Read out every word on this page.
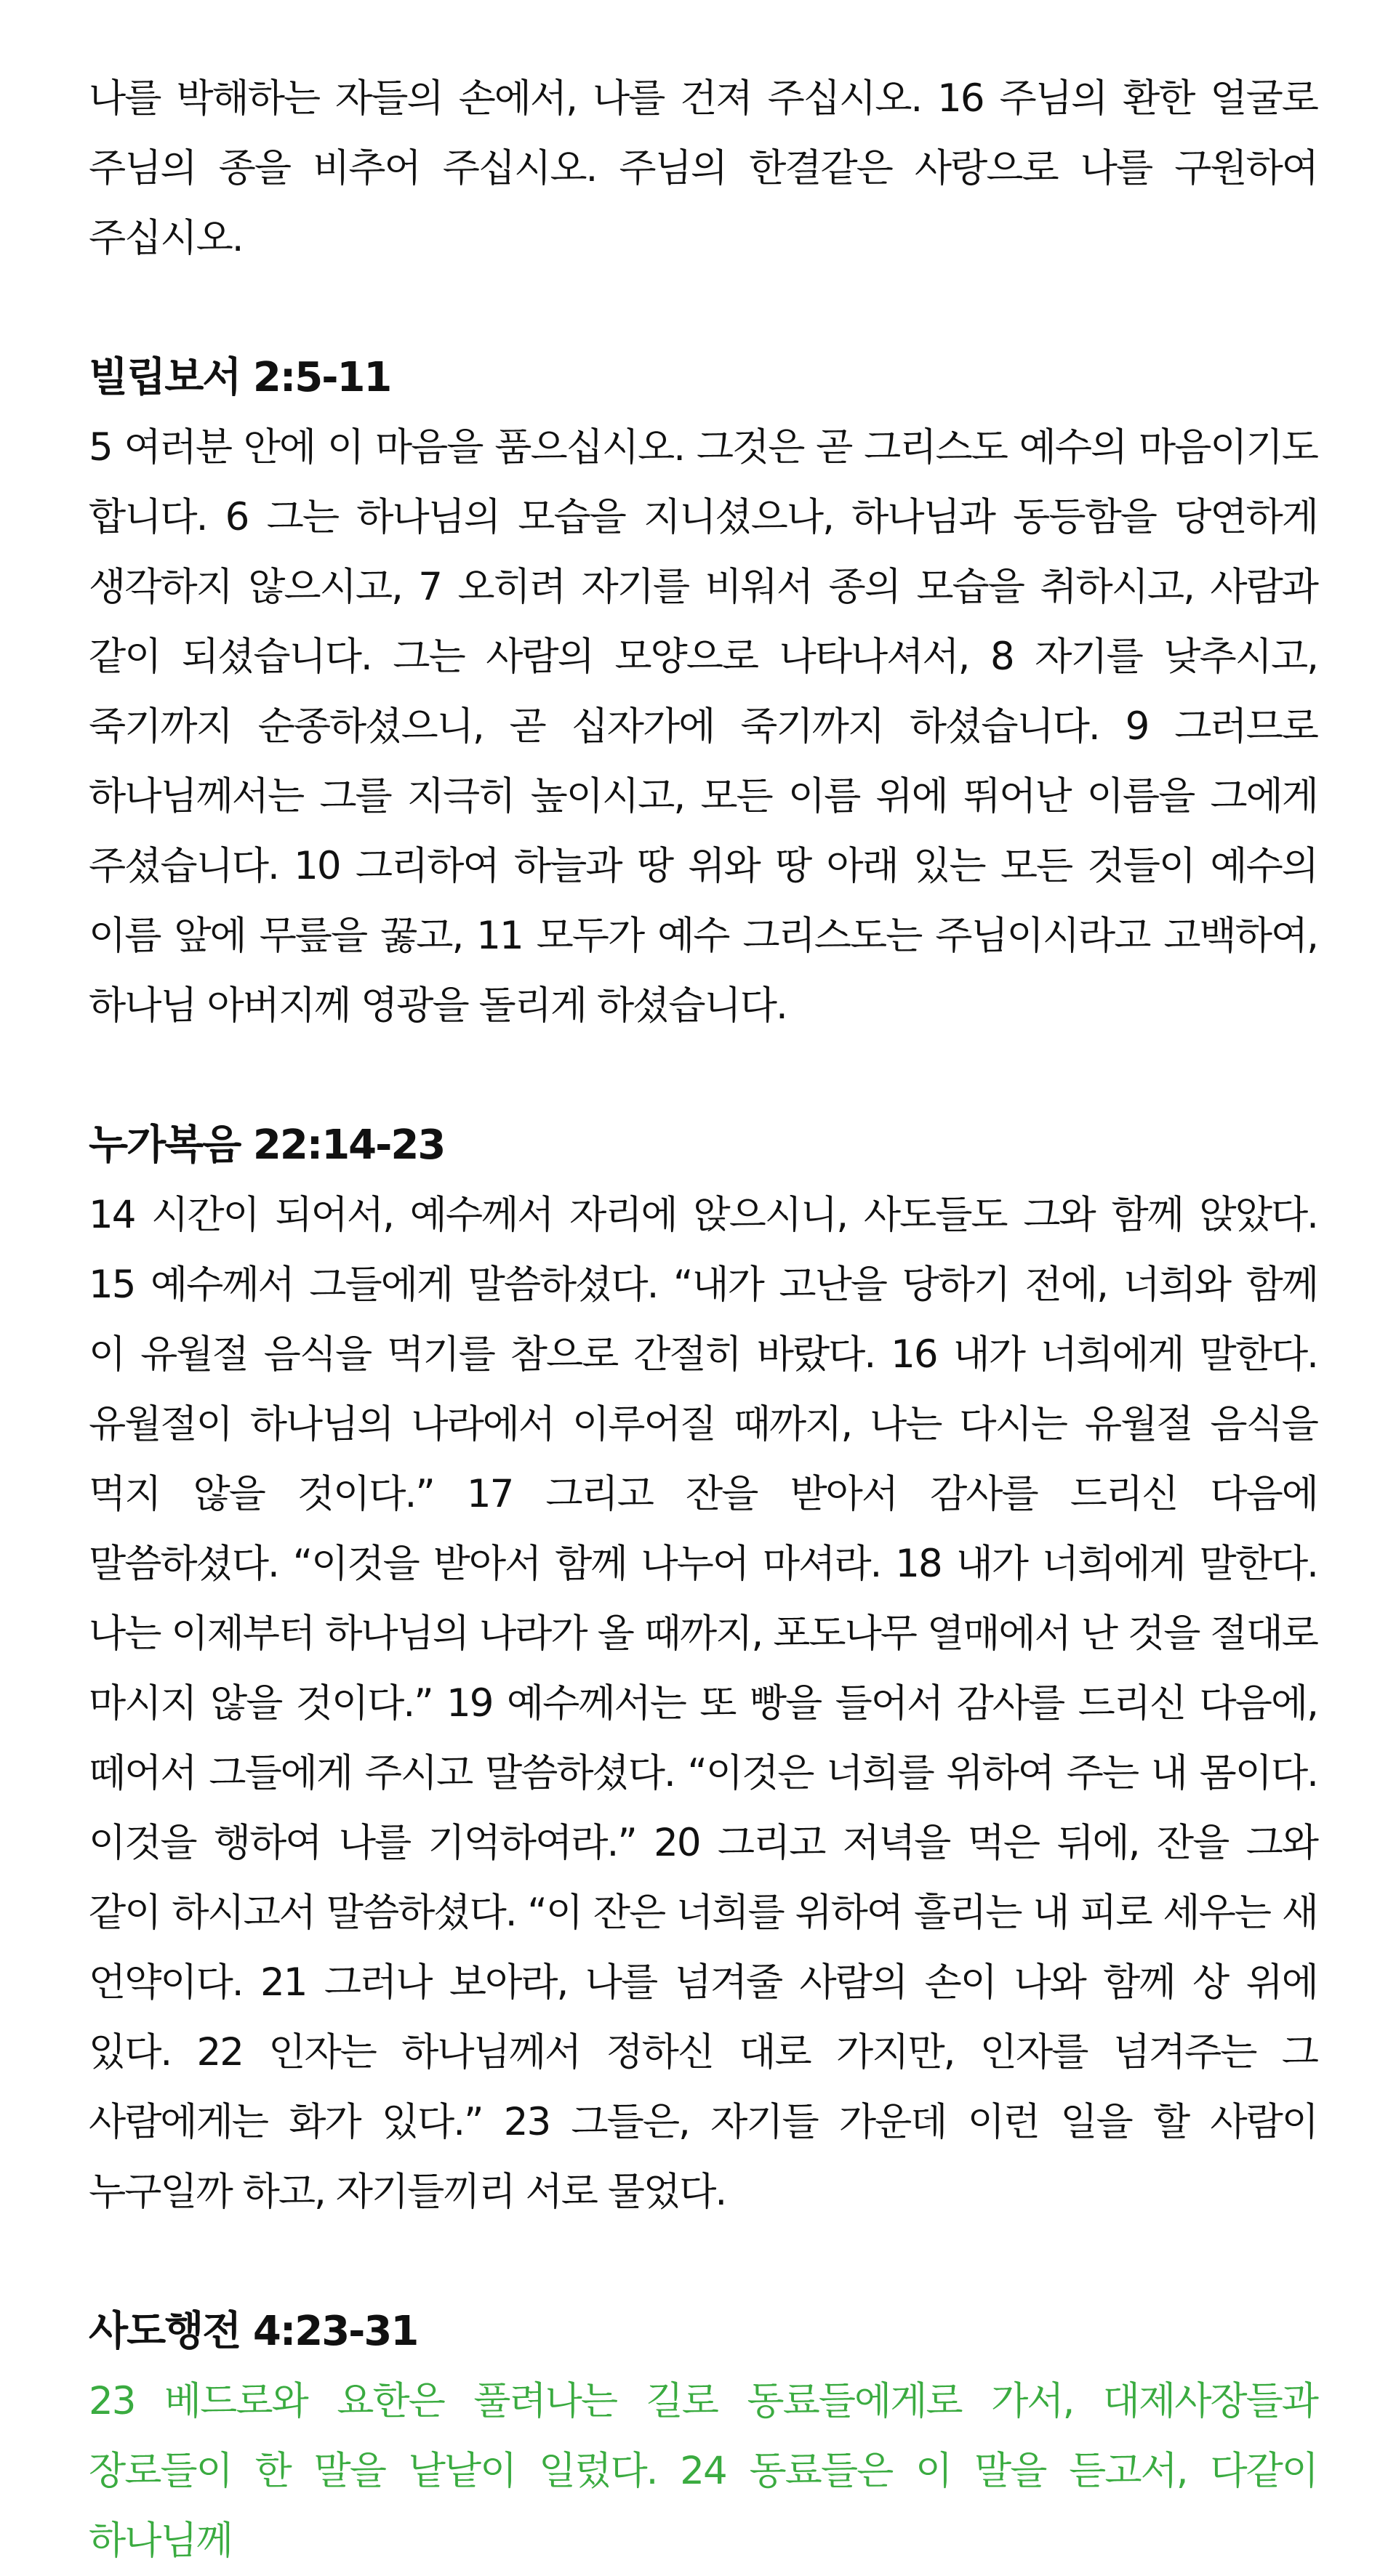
나를 박해하는 자들의 손에서, 나를 건져 주십시오. 16 주님의 환한 얼굴로 주님의 종을 비추어 주십시오. 주님의 한결같은 사랑으로 나를 구원하여 주십시오.

빌립보서 2:5-11

5 여러분 안에 이 마음을 품으십시오. 그것은 곧 그리스도 예수의 마음이기도 합니다. 6 그는 하나님의 모습을 지니셨으나, 하나님과 동등함을 당연하게 생각하지 않으시고, 7 오히려 자기를 비워서 종의 모습을 취하시고, 사람과 같이 되셨습니다. 그는 사람의 모양으로 나타나셔서, 8 자기를 낮추시고, 죽기까지 순종하셨으니, 곧 십자가에 죽기까지 하셨습니다. 9 그러므로 하나님께서는 그를 지극히 높이시고, 모든 이름 위에 뛰어난 이름을 그에게 주셨습니다. 10 그리하여 하늘과 땅 위와 땅 아래 있는 모든 것들이 예수의 이름 앞에 무릎을 꿇고, 11 모두가 예수 그리스도는 주님이시라고 고백하여, 하나님 아버지께 영광을 돌리게 하셨습니다.

누가복음 22:14-23

14 시간이 되어서, 예수께서 자리에 앉으시니, 사도들도 그와 함께 앉았다. 15 예수께서 그들에게 말씀하셨다. “내가 고난을 당하기 전에, 너희와 함께 이 유월절 음식을 먹기를 참으로 간절히 바랐다. 16 내가 너희에게 말한다. 유월절이 하나님의 나라에서 이루어질 때까지, 나는 다시는 유월절 음식을 먹지 않을 것이다.” 17 그리고 잔을 받아서 감사를 드리신 다음에 말씀하셨다. “이것을 받아서 함께 나누어 마셔라. 18 내가 너희에게 말한다. 나는 이제부터 하나님의 나라가 올 때까지, 포도나무 열매에서 난 것을 절대로 마시지 않을 것이다.” 19 예수께서는 또 빵을 들어서 감사를 드리신 다음에, 떼어서 그들에게 주시고 말씀하셨다. “이것은 너희를 위하여 주는 내 몸이다. 이것을 행하여 나를 기억하여라.” 20 그리고 저녁을 먹은 뒤에, 잔을 그와 같이 하시고서 말씀하셨다. “이 잔은 너희를 위하여 흘리는 내 피로 세우는 새 언약이다. 21 그러나 보아라, 나를 넘겨줄 사람의 손이 나와 함께 상 위에 있다. 22 인자는 하나님께서 정하신 대로 가지만, 인자를 넘겨주는 그 사람에게는 화가 있다.” 23 그들은, 자기들 가운데 이런 일을 할 사람이 누구일까 하고, 자기들끼리 서로 물었다.

사도행전 4:23-31

23 베드로와 요한은 풀려나는 길로 동료들에게로 가서, 대제사장들과 장로들이 한 말을 낱낱이 일렀다. 24 동료들은 이 말을 듣고서, 다같이 하나님께
